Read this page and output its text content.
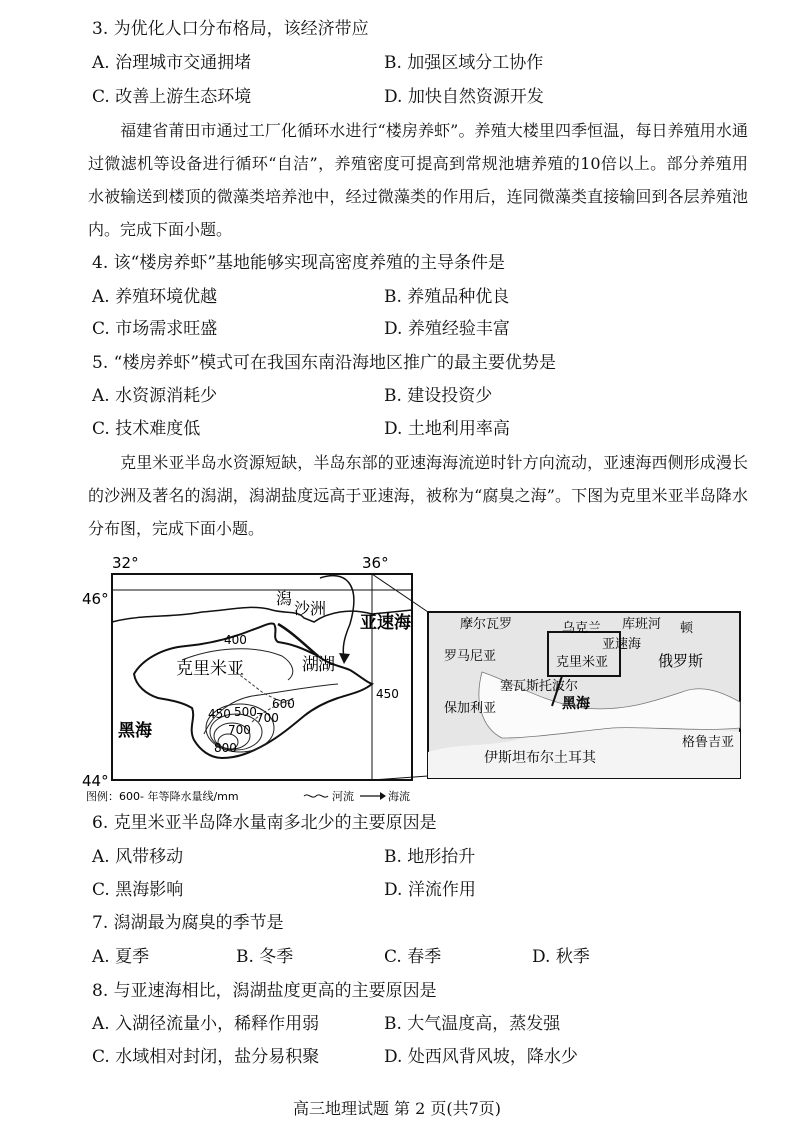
3. 为优化人口分布格局，该经济带应
A. 治理城市交通拥堵	B. 加强区域分工协作
C. 改善上游生态环境	D. 加快自然资源开发
福建省莆田市通过工厂化循环水进行“楼房养虾”。养殖大楼里四季恒温，每日养殖用水通过微滤机等设备进行循环“自洁”，养殖密度可提高到常规池塘养殖的10倍以上。部分养殖用水被输送到楼顶的微藻类培养池中，经过微藻类的作用后，连同微藻类直接输回到各层养殖池内。完成下面小题。
4. 该“楼房养虾”基地能够实现高密度养殖的主导条件是
A. 养殖环境优越	B. 养殖品种优良
C. 市场需求旺盛	D. 养殖经验丰富
5. “楼房养虾”模式可在我国东南沿海地区推广的最主要优势是
A. 水资源消耗少	B. 建设投资少
C. 技术难度低	D. 土地利用率高
克里米亚半岛水资源短缺，半岛东部的亚速海海流逆时针方向流动，亚速海西侧形成漫长的沙洲及著名的潟湖，潟湖盐度远高于亚速海，被称为“腐臭之海”。下图为克里米亚半岛降水分布图，完成下面小题。
32°	36°
46°
44°
沙洲
潟
湖 湖
亚速海
克里米亚
黑海
400
450
450 500
600
700
700
800
图例：600- 年等降水量线/mm	河流	海流
摩尔瓦罗	乌克兰 库班河 顿
亚速海
罗马尼亚	克里米亚	俄罗斯
塞瓦斯托波尔
保加利亚	黑海
格鲁吉亚
伊斯坦布尔土耳其
6. 克里米亚半岛降水量南多北少的主要原因是
A. 风带移动	B. 地形抬升
C. 黑海影响	D. 洋流作用
7. 潟湖最为腐臭的季节是
A. 夏季	B. 冬季	C. 春季	D. 秋季
8. 与亚速海相比，潟湖盐度更高的主要原因是
A. 入湖径流量小，稀释作用弱	B. 大气温度高，蒸发强
C. 水域相对封闭，盐分易积聚	D. 处西风背风坡，降水少
高三地理试题 第 2 页(共7页)
